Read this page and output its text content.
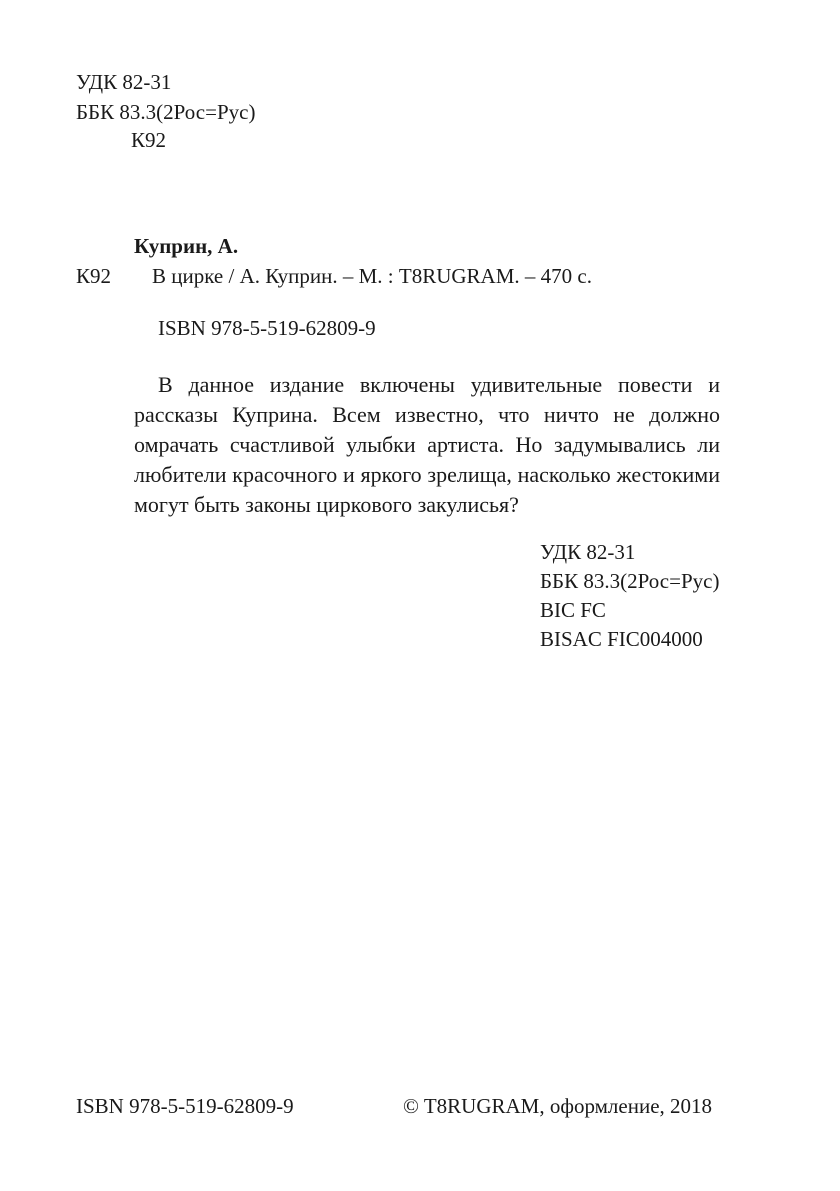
УДК 82-31
ББК 83.3(2Рос=Рус)
К92
Куприн, А.
К92 В цирке / А. Куприн. – М. : T8RUGRAM. – 470 с.
ISBN 978-5-519-62809-9
В данное издание включены удивительные повести и рассказы Куприна. Всем известно, что ничто не должно омрачать счастливой улыбки артиста. Но задумывались ли любители красочного и яркого зрелища, насколько жестокими могут быть законы циркового закулисья?
УДК 82-31
ББК 83.3(2Рос=Рус)
BIC FC
BISAC FIC004000
ISBN 978-5-519-62809-9	© T8RUGRAM, оформление, 2018
